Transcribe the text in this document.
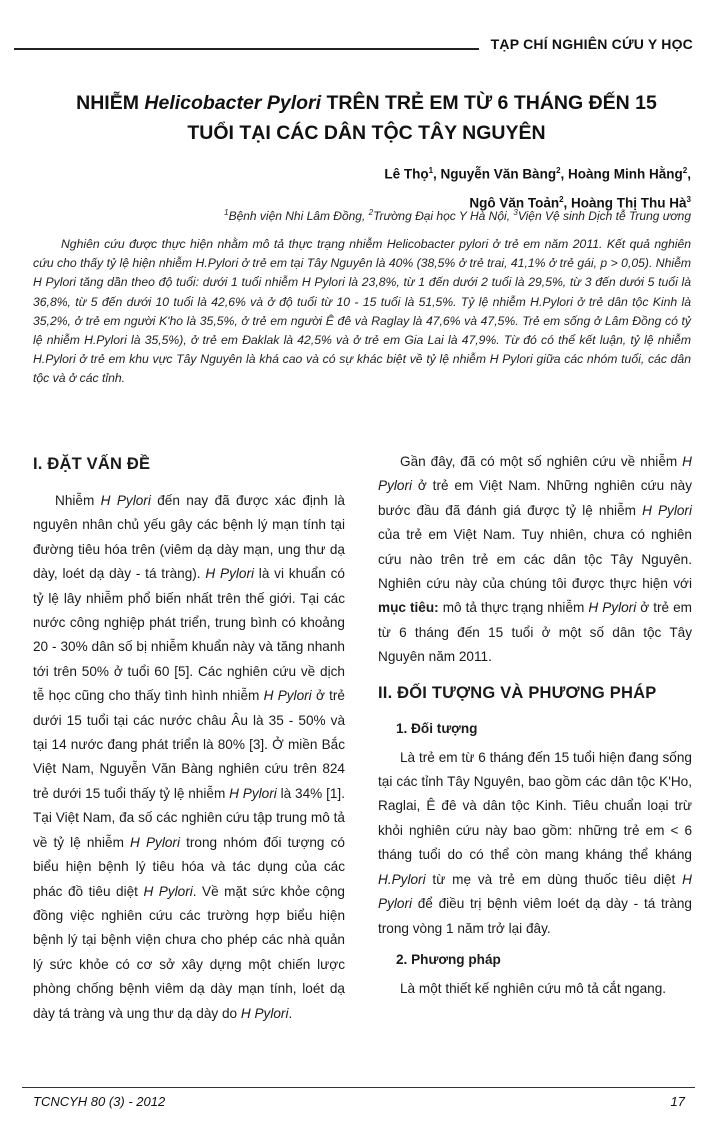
TẠP CHÍ NGHIÊN CỨU Y HỌC
NHIỄM Helicobacter Pylori TRÊN TRẺ EM TỪ 6 THÁNG ĐẾN 15
TUỔI TẠI CÁC DÂN TỘC TÂY NGUYÊN
Lê Thọ$^1$, Nguyễn Văn Bàng$^2$, Hoàng Minh Hằng$^2$,
Ngô Văn Toản$^2$, Hoàng Thị Thu $Hà^3$
$^1$Bệnh viện Nhi Lâm Đồng, $^2$Trường Đại học Y Hà Nội, $^3$Viện Vệ sinh Dịch tễ Trung ương
Nghiên cứu được thực hiện nhằm mô tả thực trạng nhiễm Helicobacter pylori ở trẻ em năm 2011. Kết quả nghiên cứu cho thấy tỷ lệ hiện nhiễm H.Pylori ở trẻ em tại Tây Nguyên là 40% (38,5% ở trẻ trai, 41,1% ở trẻ gái, p > 0,05). Nhiễm H Pylori tăng dần theo độ tuổi: dưới 1 tuổi nhiễm H Pylori là 23,8%, từ 1 đến dưới 2 tuổi là 29,5%, từ 3 đến dưới 5 tuổi là 36,8%, từ 5 đến dưới 10 tuổi là 42,6% và ở độ tuổi từ 10 - 15 tuổi là 51,5%. Tỷ lệ nhiễm H.Pylori ở trẻ dân tộc Kinh là 35,2%, ở trẻ em người K'ho là 35,5%, ở trẻ em người Ê đê và Raglay là 47,6% và 47,5%. Trẻ em sống ở Lâm Đồng có tỷ lệ nhiễm H.Pylori là 35,5%), ở trẻ em Đaklak là 42,5% và ở trẻ em Gia Lai là 47,9%. Từ đó có thể kết luận, tỷ lệ nhiễm H.Pylori ở trẻ em khu vực Tây Nguyên là khá cao và có sự khác biệt về tỷ lệ nhiễm H Pylori giữa các nhóm tuổi, các dân tộc và ở các tỉnh.
I. ĐẶT VẤN ĐỀ

Nhiễm H Pylori đến nay đã được xác định là nguyên nhân chủ yếu gây các bệnh lý mạn tính tại đường tiêu hóa trên (viêm dạ dày mạn, ung thư dạ dày, loét dạ dày - tá tràng). H Pylori là vi khuẩn có tỷ lệ lây nhiễm phổ biến nhất trên thế giới. Tại các nước công nghiệp phát triển, trung bình có khoảng 20 - 30% dân số bị nhiễm khuẩn này và tăng nhanh tới trên 50% ở tuổi 60 [5]. Các nghiên cứu về dịch tễ học cũng cho thấy tình hình nhiễm H Pylori ở trẻ dưới 15 tuổi tại các nước châu Âu là 35 - 50% và tại 14 nước đang phát triển là 80% [3]. Ở miền Bắc Việt Nam, Nguyễn Văn Bàng nghiên cứu trên 824 trẻ dưới 15 tuổi thấy tỷ lệ nhiễm H Pylori là 34% [1]. Tại Việt Nam, đa số các nghiên cứu tập trung mô tả về tỷ lệ nhiễm H Pylori trong nhóm đối tượng có biểu hiện bệnh lý tiêu hóa và tác dụng của các phác đồ tiêu diệt H Pylori. Về mặt sức khỏe cộng đồng việc nghiên cứu các trường hợp biểu hiện bệnh lý tại bệnh viện chưa cho phép các nhà quản lý sức khỏe có cơ sở xây dựng một chiến lược phòng chống bệnh viêm dạ dày mạn tính, loét dạ dày tá tràng và ung thư dạ dày do H Pylori.

Gần đây, đã có một số nghiên cứu về nhiễm H Pylori ở trẻ em Việt Nam. Những nghiên cứu này bước đầu đã đánh giá được tỷ lệ nhiễm H Pylori của trẻ em Việt Nam. Tuy nhiên, chưa có nghiên cứu nào trên trẻ em các dân tộc Tây Nguyên. Nghiên cứu này của chúng tôi được thực hiện với mục tiêu: mô tả thực trạng nhiễm H Pylori ở trẻ em từ 6 tháng đến 15 tuổi ở một số dân tộc Tây Nguyên năm 2011.

II. ĐỐI TƯỢNG VÀ PHƯƠNG PHÁP
1. Đối tượng

Là trẻ em từ 6 tháng đến 15 tuổi hiện đang sống tại các tỉnh Tây Nguyên, bao gồm các dân tộc K'Ho, Raglai, Ê đê và dân tộc Kinh. Tiêu chuẩn loại trừ khỏi nghiên cứu này bao gồm: những trẻ em < 6 tháng tuổi do có thể còn mang kháng thể kháng H.Pylori từ mẹ và trẻ em dùng thuốc tiêu diệt H Pylori để điều trị bệnh viêm loét dạ dày - tá tràng trong vòng 1 năm trở lại đây.

2. Phương pháp

Là một thiết kế nghiên cứu mô tả cắt ngang.

TCNCYH 80 (3) - 2012	17
